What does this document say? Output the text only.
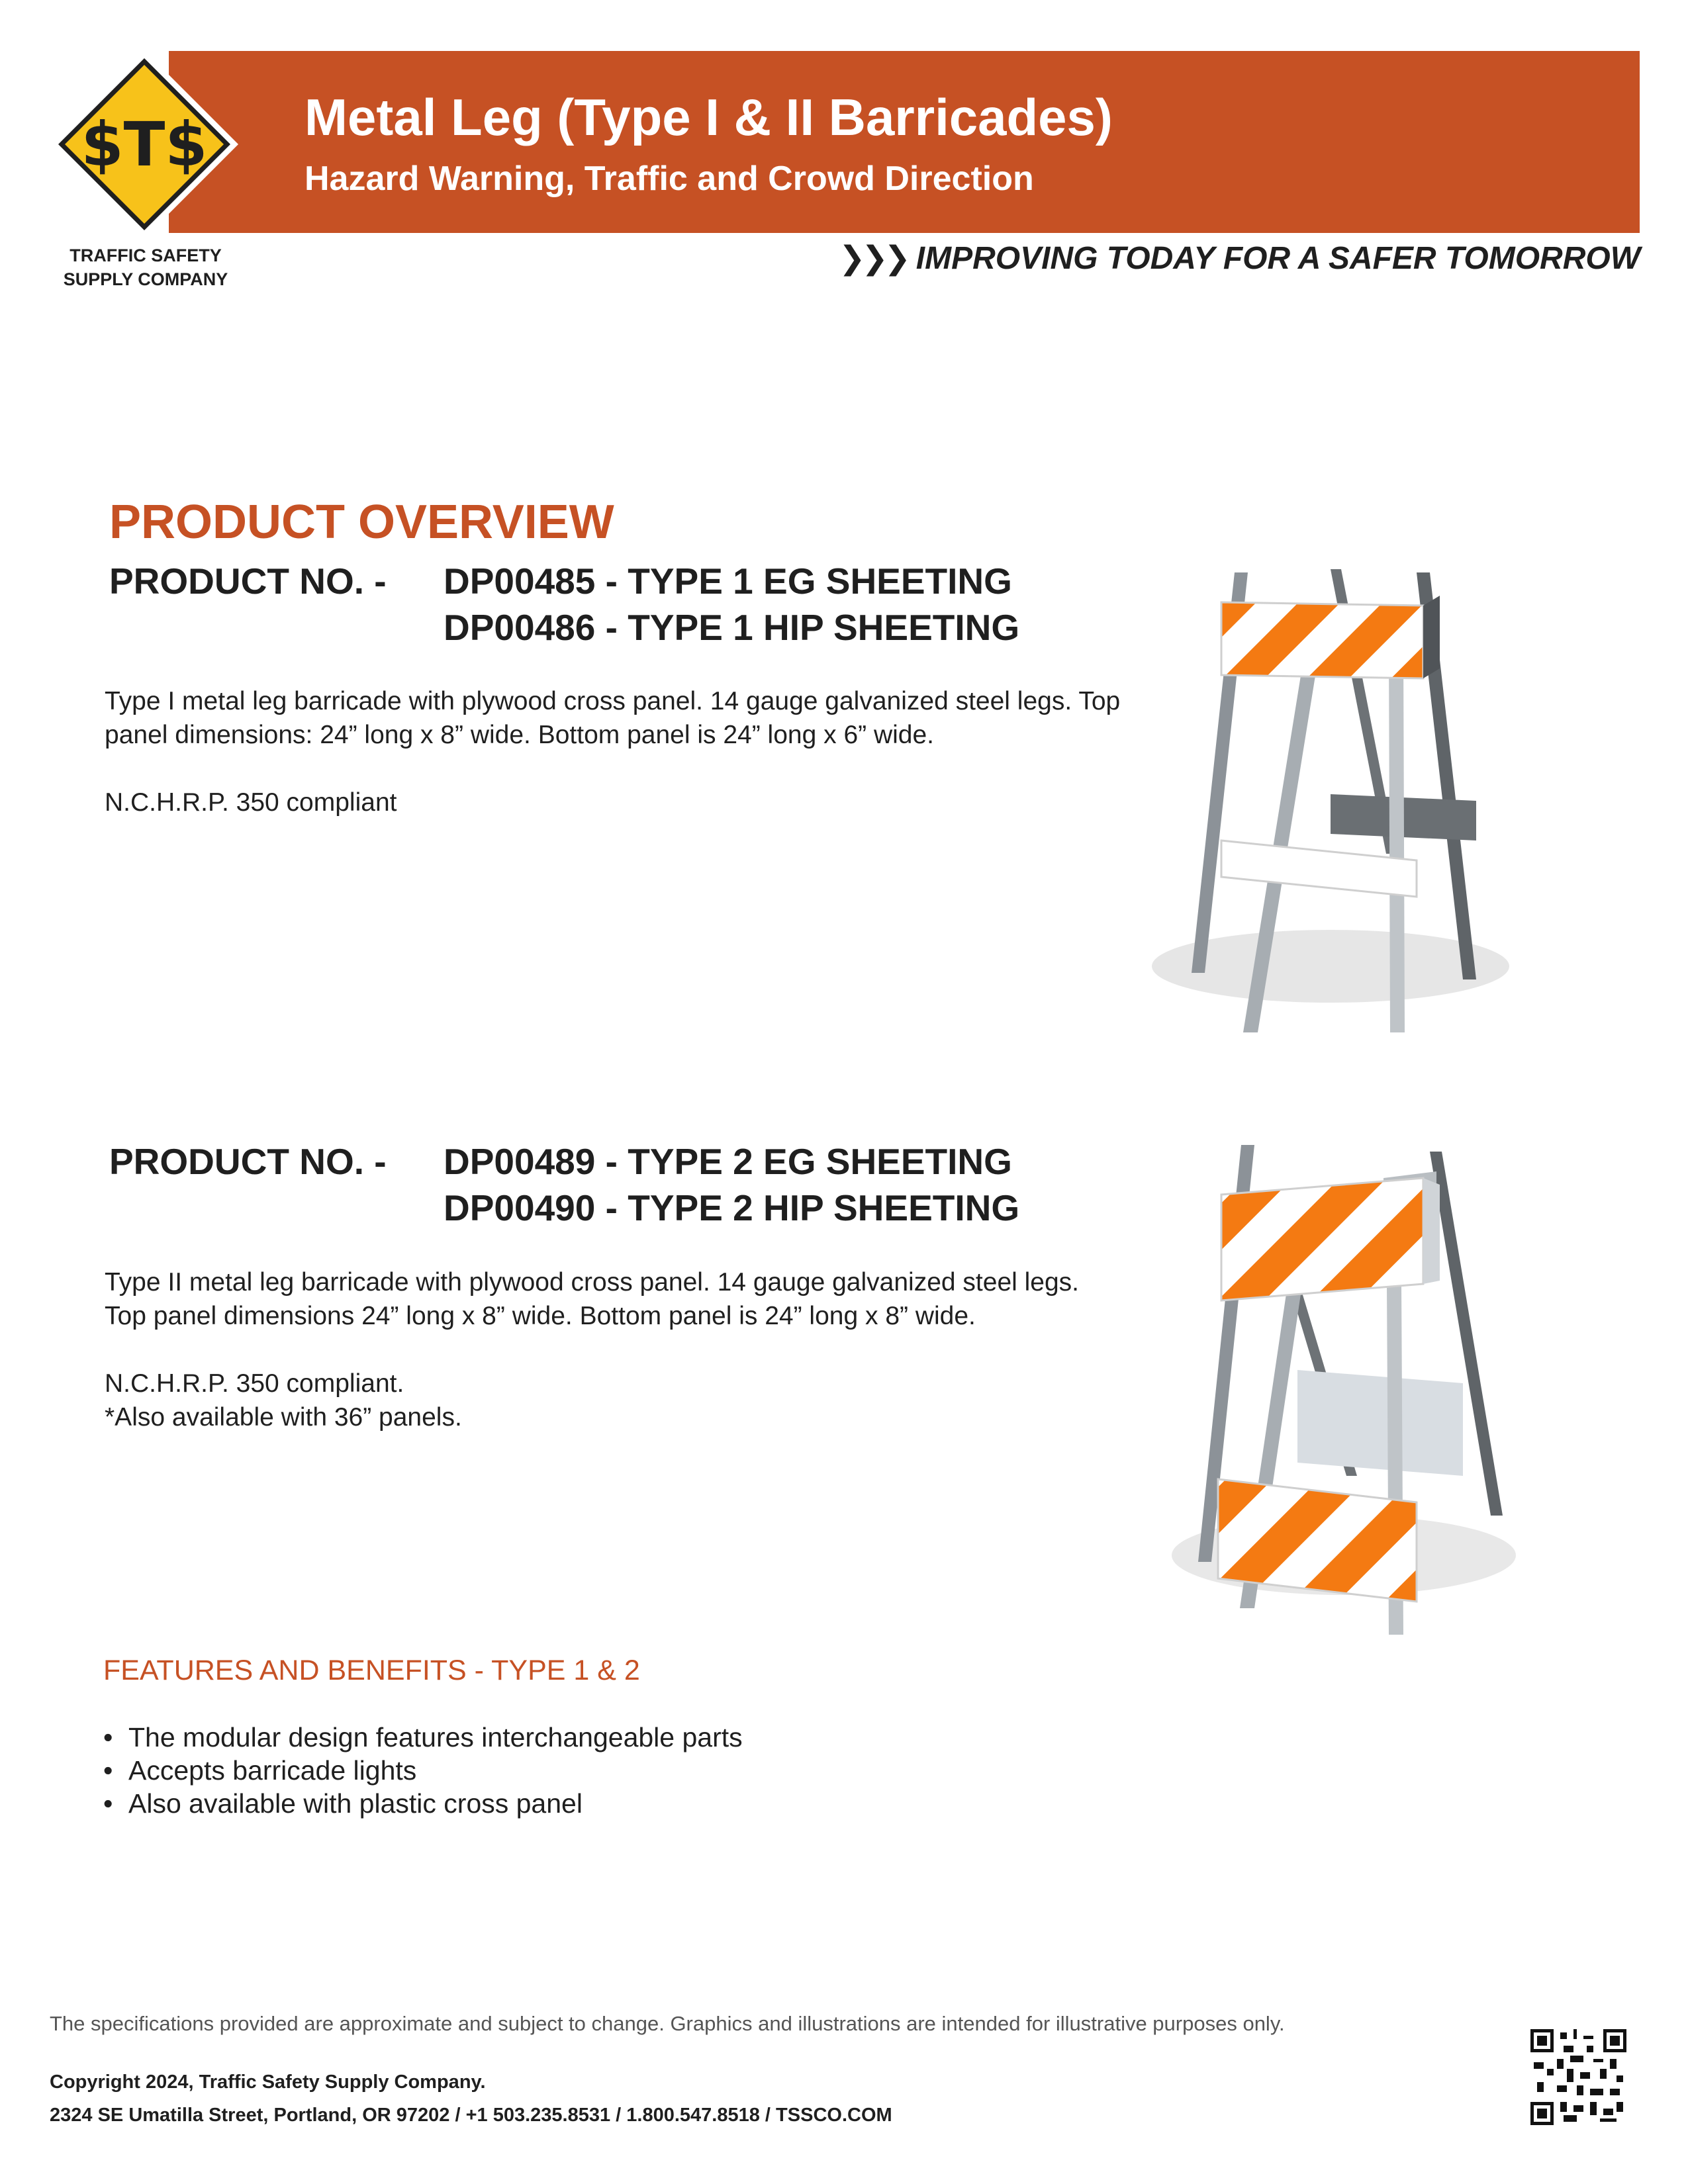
Metal Leg (Type I & II Barricades)
Hazard Warning, Traffic and Crowd Direction
$T$
TRAFFIC SAFETY
SUPPLY COMPANY
❯❯❯ IMPROVING TODAY FOR A SAFER TOMORROW
PRODUCT OVERVIEW
PRODUCT NO. - DP00485 - TYPE 1 EG SHEETING
DP00486 - TYPE 1 HIP SHEETING

Type I metal leg barricade with plywood cross panel. 14 gauge galvanized steel legs. Top panel dimensions: 24” long x 8” wide. Bottom panel is 24” long x 6” wide.

N.C.H.R.P. 350 compliant

PRODUCT NO. - DP00489 - TYPE 2 EG SHEETING
DP00490 - TYPE 2 HIP SHEETING

Type II metal leg barricade with plywood cross panel. 14 gauge galvanized steel legs. Top panel dimensions 24” long x 8” wide. Bottom panel is 24” long x 8” wide.

N.C.H.R.P. 350 compliant.
*Also available with 36” panels.

FEATURES AND BENEFITS - TYPE 1 & 2
• The modular design features interchangeable parts
• Accepts barricade lights
• Also available with plastic cross panel
The specifications provided are approximate and subject to change. Graphics and illustrations are intended for illustrative purposes only.
Copyright 2024, Traffic Safety Supply Company.
2324 SE Umatilla Street, Portland, OR 97202 / +1 503.235.8531 / 1.800.547.8518 / TSSCO.COM
